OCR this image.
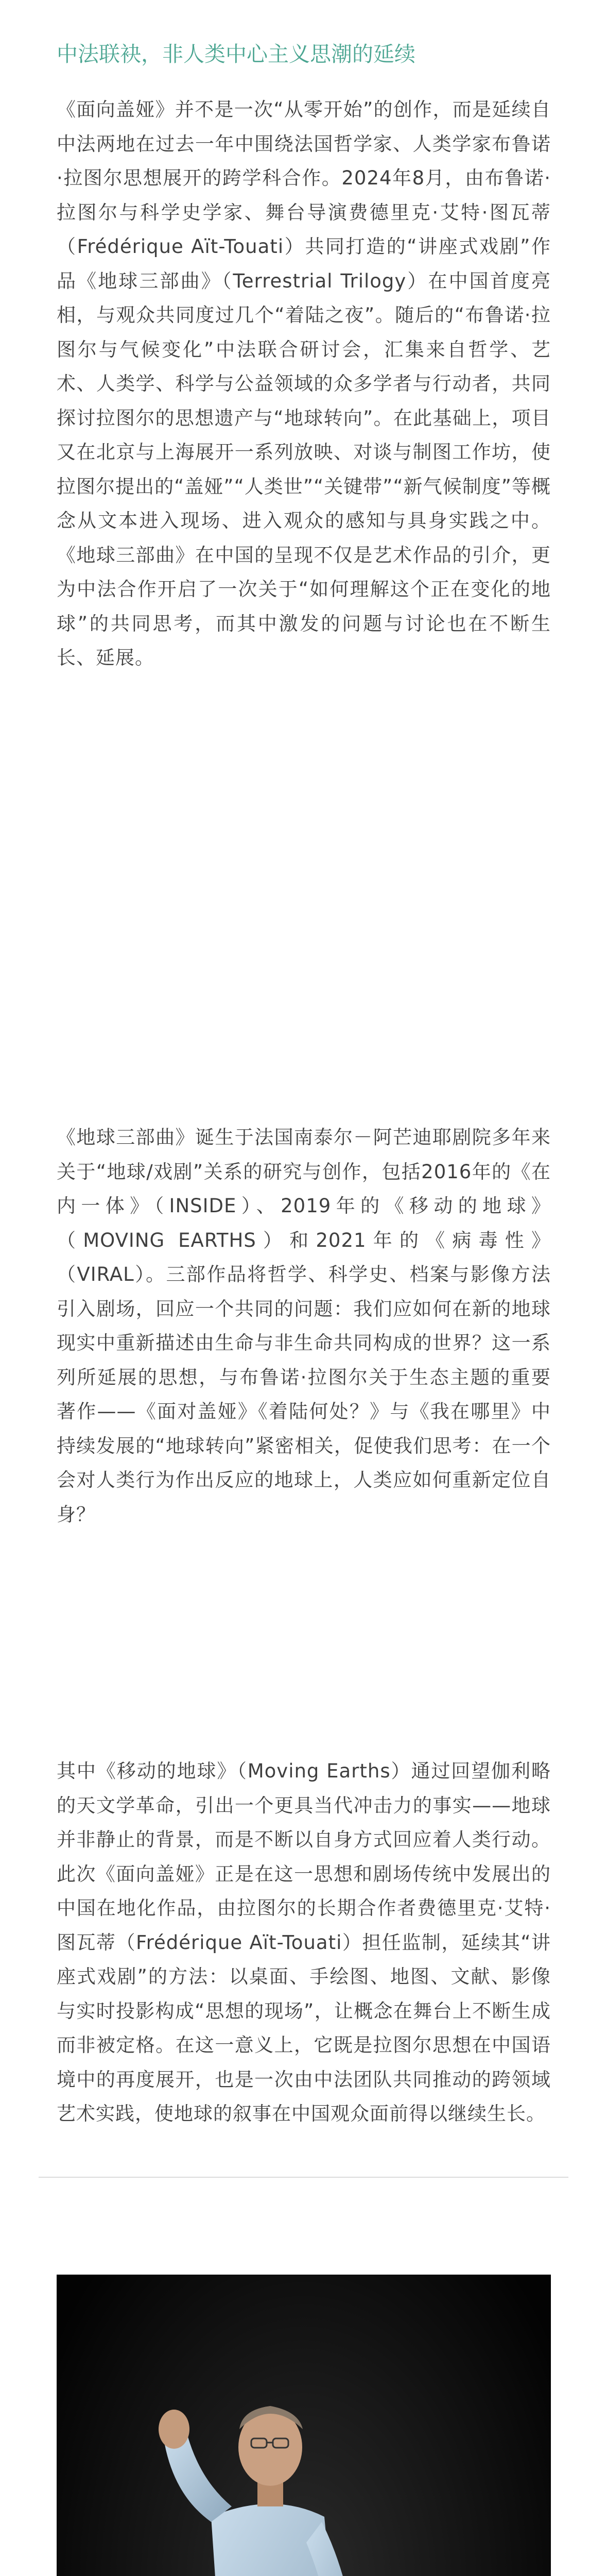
中法联袂，非人类中心主义思潮的延续

《面向盖娅》并不是一次“从零开始”的创作，而是延续自中法两地在过去一年中围绕法国哲学家、人类学家布鲁诺·拉图尔思想展开的跨学科合作。2024年8月，由布鲁诺·拉图尔与科学史学家、舞台导演费德里克·艾特·图瓦蒂（Frédérique Aït-Touati）共同打造的“讲座式戏剧”作品《地球三部曲》（Terrestrial Trilogy）在中国首度亮相，与观众共同度过几个“着陆之夜”。随后的“布鲁诺·拉图尔与气候变化”中法联合研讨会，汇集来自哲学、艺术、人类学、科学与公益领域的众多学者与行动者，共同探讨拉图尔的思想遗产与“地球转向”。在此基础上，项目又在北京与上海展开一系列放映、对谈与制图工作坊，使拉图尔提出的“盖娅”“人类世”“关键带”“新气候制度”等概念从文本进入现场、进入观众的感知与具身实践之中。《地球三部曲》在中国的呈现不仅是艺术作品的引介，更为中法合作开启了一次关于“如何理解这个正在变化的地球”的共同思考，而其中激发的问题与讨论也在不断生长、延展。

《地球三部曲》诞生于法国南泰尔－阿芒迪耶剧院多年来关于“地球/戏剧”关系的研究与创作，包括2016年的《在内一体》（INSIDE）、2019年的《移动的地球》（MOVING EARTHS）和2021年的《病毒性》（VIRAL）。三部作品将哲学、科学史、档案与影像方法引入剧场，回应一个共同的问题：我们应如何在新的地球现实中重新描述由生命与非生命共同构成的世界？这一系列所延展的思想，与布鲁诺·拉图尔关于生态主题的重要著作——《面对盖娅》《着陆何处？》与《我在哪里》中持续发展的“地球转向”紧密相关，促使我们思考：在一个会对人类行为作出反应的地球上，人类应如何重新定位自身？

其中《移动的地球》（Moving Earths）通过回望伽利略的天文学革命，引出一个更具当代冲击力的事实——地球并非静止的背景，而是不断以自身方式回应着人类行动。此次《面向盖娅》正是在这一思想和剧场传统中发展出的中国在地化作品，由拉图尔的长期合作者费德里克·艾特·图瓦蒂（Frédérique Aït-Touati）担任监制，延续其“讲座式戏剧”的方法：以桌面、手绘图、地图、文献、影像与实时投影构成“思想的现场”，让概念在舞台上不断生成而非被定格。在这一意义上，它既是拉图尔思想在中国语境中的再度展开，也是一次由中法团队共同推动的跨领域艺术实践，使地球的叙事在中国观众面前得以继续生长。
